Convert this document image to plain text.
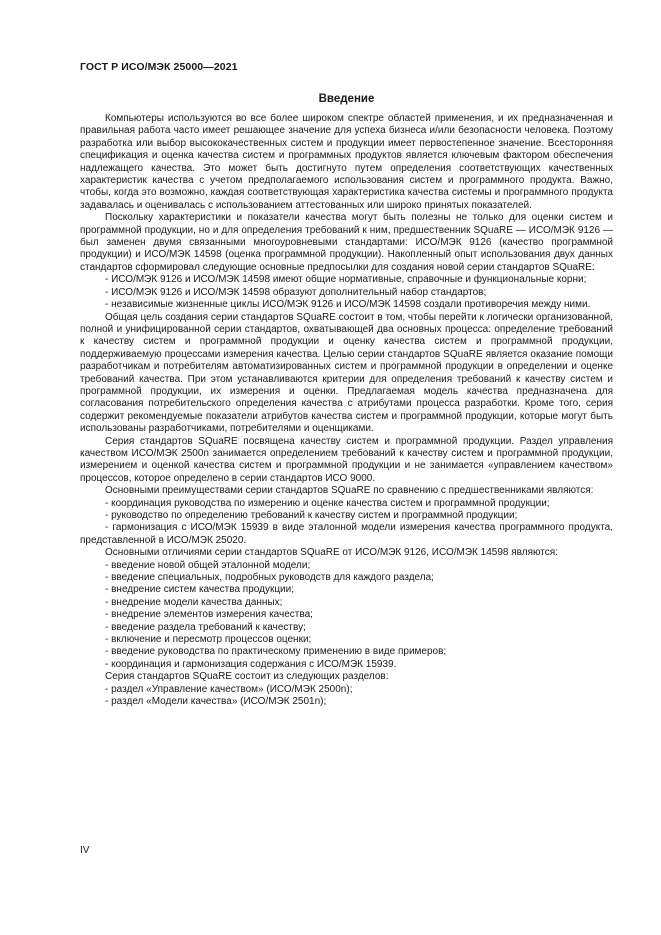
ГОСТ Р ИСО/МЭК 25000—2021
Введение

Компьютеры используются во все более широком спектре областей применения, и их предназначенная и правильная работа часто имеет решающее значение для успеха бизнеса и/или безопасности человека. Поэтому разработка или выбор высококачественных систем и продукции имеет первостепенное значение. Всесторонняя спецификация и оценка качества систем и программных продуктов является ключевым фактором обеспечения надлежащего качества. Это может быть достигнуто путем определения соответствующих качественных характеристик качества с учетом предполагаемого использования систем и программного продукта. Важно, чтобы, когда это возможно, каждая соответствующая характеристика качества системы и программного продукта задавалась и оценивалась с использованием аттестованных или широко принятых показателей.

Поскольку характеристики и показатели качества могут быть полезны не только для оценки систем и программной продукции, но и для определения требований к ним, предшественник SQuaRE — ИСО/МЭК 9126 — был заменен двумя связанными многоуровневыми стандартами: ИСО/МЭК 9126 (качество программной продукции) и ИСО/МЭК 14598 (оценка программной продукции). Накопленный опыт использования двух данных стандартов сформировал следующие основные предпосылки для создания новой серии стандартов SQuaRE:

- ИСО/МЭК 9126 и ИСО/МЭК 14598 имеют общие нормативные, справочные и функциональные корни;

- ИСО/МЭК 9126 и ИСО/МЭК 14598 образуют дополнительный набор стандартов;

- независимые жизненные циклы ИСО/МЭК 9126 и ИСО/МЭК 14598 создали противоречия между ними.

Общая цель создания серии стандартов SQuaRE состоит в том, чтобы перейти к логически организованной, полной и унифицированной серии стандартов, охватывающей два основных процесса: определение требований к качеству систем и программной продукции и оценку качества систем и программной продукции, поддерживаемую процессами измерения качества. Целью серии стандартов SQuaRE является оказание помощи разработчикам и потребителям автоматизированных систем и программной продукции в определении и оценке требований качества. При этом устанавливаются критерии для определения требований к качеству систем и программной продукции, их измерения и оценки. Предлагаемая модель качества предназначена для согласования потребительского определения качества с атрибутами процесса разработки. Кроме того, серия содержит рекомендуемые показатели атрибутов качества систем и программной продукции, которые могут быть использованы разработчиками, потребителями и оценщиками.

Серия стандартов SQuaRE посвящена качеству систем и программной продукции. Раздел управления качеством ИСО/МЭК 2500n занимается определением требований к качеству систем и программной продукции, измерением и оценкой качества систем и программной продукции и не занимается «управлением качеством» процессов, которое определено в серии стандартов ИСО 9000.

Основными преимуществами серии стандартов SQuaRE по сравнению с предшественниками являются:

- координация руководства по измерению и оценке качества систем и программной продукции;

- руководство по определению требований к качеству систем и программной продукции;

- гармонизация с ИСО/МЭК 15939 в виде эталонной модели измерения качества программного продукта, представленной в ИСО/МЭК 25020.

Основными отличиями серии стандартов SQuaRE от ИСО/МЭК 9126, ИСО/МЭК 14598 являются:

- введение новой общей эталонной модели;

- введение специальных, подробных руководств для каждого раздела;

- внедрение систем качества продукции;

- внедрение модели качества данных;

- внедрение элементов измерения качества;

- введение раздела требований к качеству;

- включение и пересмотр процессов оценки;

- введение руководства по практическому применению в виде примеров;

- координация и гармонизация содержания с ИСО/МЭК 15939.

Серия стандартов SQuaRE состоит из следующих разделов:

- раздел «Управление качеством» (ИСО/МЭК 2500n);

- раздел «Модели качества» (ИСО/МЭК 2501n);

IV
